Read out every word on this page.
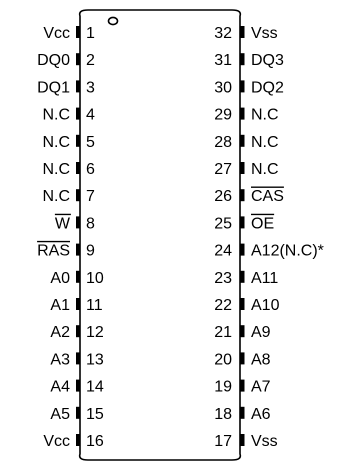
1
Vcc
2
DQ0
3
DQ1
4
N.C
5
N.C
6
N.C
7
N.C
8
W
9
RAS
10
A0
11
A1
12
A2
13
A3
14
A4
15
A5
16
Vcc
32 Vss
31 DQ3
30 DQ2
29 N.C
28 N.C
27 N.C
26 CAS
25 OE
24 A12(N.C)*
23 A11
22 A10
21 A9
20 A8
19 A7
18 A6
17 Vss
